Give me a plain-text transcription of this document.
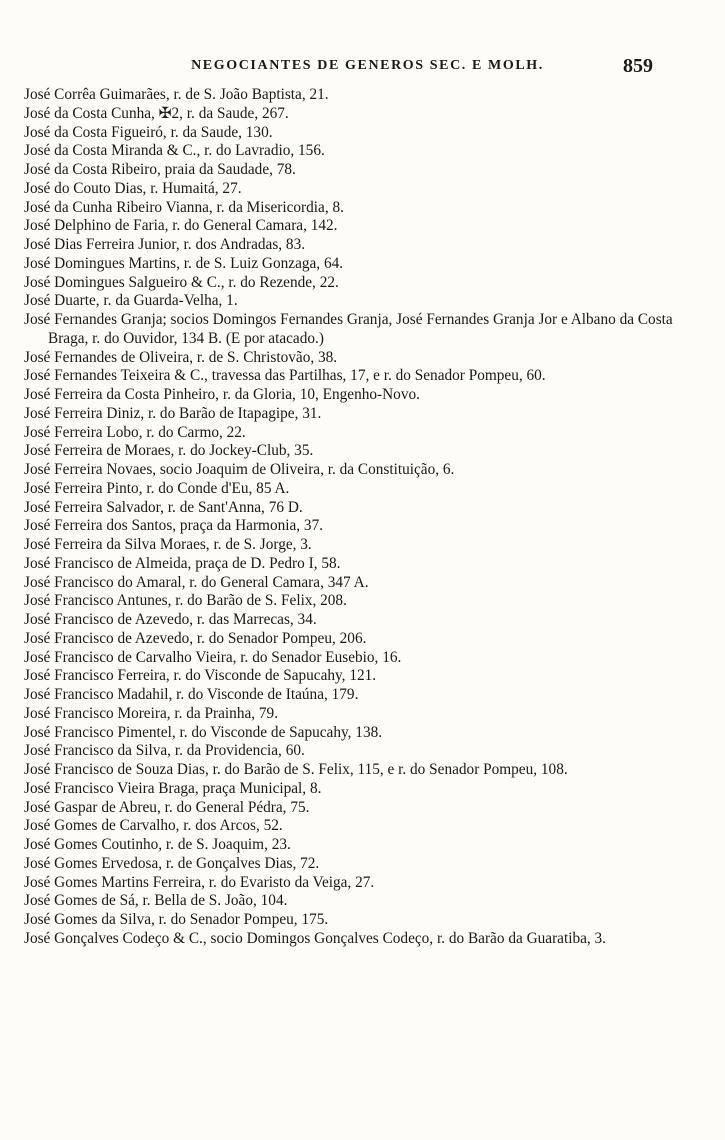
NEGOCIANTES DE GENEROS SEC. E MOLH.	859

José Corrêa Guimarães, r. de S. João Baptista, 21.

José da Costa Cunha, ✠2, r. da Saude, 267.

José da Costa Figueiró, r. da Saude, 130.

José da Costa Miranda & C., r. do Lavradio, 156.

José da Costa Ribeiro, praia da Saudade, 78.

José do Couto Dias, r. Humaitá, 27.

José da Cunha Ribeiro Vianna, r. da Misericordia, 8.

José Delphino de Faria, r. do General Camara, 142.

José Dias Ferreira Junior, r. dos Andradas, 83.

José Domingues Martins, r. de S. Luiz Gonzaga, 64.

José Domingues Salgueiro & C., r. do Rezende, 22.

José Duarte, r. da Guarda-Velha, 1.

José Fernandes Granja; socios Domingos Fernandes Granja, José Fernandes Granja Jor e Albano da Costa Braga, r. do Ouvidor, 134 B. (E por atacado.)

José Fernandes de Oliveira, r. de S. Christovão, 38.

José Fernandes Teixeira & C., travessa das Partilhas, 17, e r. do Senador Pompeu, 60.

José Ferreira da Costa Pinheiro, r. da Gloria, 10, Engenho-Novo.

José Ferreira Diniz, r. do Barão de Itapagipe, 31.

José Ferreira Lobo, r. do Carmo, 22.

José Ferreira de Moraes, r. do Jockey-Club, 35.

José Ferreira Novaes, socio Joaquim de Oliveira, r. da Constituição, 6.

José Ferreira Pinto, r. do Conde d'Eu, 85 A.

José Ferreira Salvador, r. de Sant'Anna, 76 D.

José Ferreira dos Santos, praça da Harmonia, 37.

José Ferreira da Silva Moraes, r. de S. Jorge, 3.

José Francisco de Almeida, praça de D. Pedro I, 58.

José Francisco do Amaral, r. do General Camara, 347 A.

José Francisco Antunes, r. do Barão de S. Felix, 208.

José Francisco de Azevedo, r. das Marrecas, 34.

José Francisco de Azevedo, r. do Senador Pompeu, 206.

José Francisco de Carvalho Vieira, r. do Senador Eusebio, 16.

José Francisco Ferreira, r. do Visconde de Sapucahy, 121.

José Francisco Madahil, r. do Visconde de Itaúna, 179.

José Francisco Moreira, r. da Prainha, 79.

José Francisco Pimentel, r. do Visconde de Sapucahy, 138.

José Francisco da Silva, r. da Providencia, 60.

José Francisco de Souza Dias, r. do Barão de S. Felix, 115, e r. do Senador Pompeu, 108.

José Francisco Vieira Braga, praça Municipal, 8.

José Gaspar de Abreu, r. do General Pédra, 75.

José Gomes de Carvalho, r. dos Arcos, 52.

José Gomes Coutinho, r. de S. Joaquim, 23.

José Gomes Ervedosa, r. de Gonçalves Dias, 72.

José Gomes Martins Ferreira, r. do Evaristo da Veiga, 27.

José Gomes de Sá, r. Bella de S. João, 104.

José Gomes da Silva, r. do Senador Pompeu, 175.

José Gonçalves Codeço & C., socio Domingos Gonçalves Codeço, r. do Barão da Guaratiba, 3.
